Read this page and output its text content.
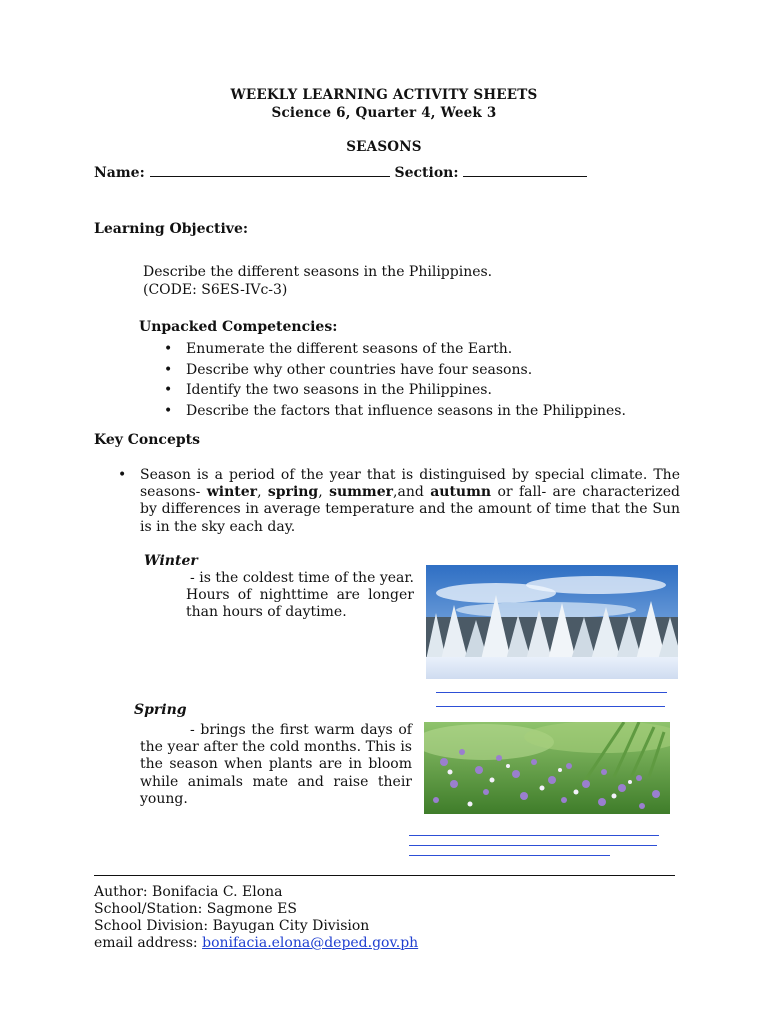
WEEKLY LEARNING ACTIVITY SHEETS
Science 6, Quarter 4, Week 3
SEASONS
Name:	Section:
Learning Objective:
Describe the different seasons in the Philippines.
(CODE: S6ES-IVc-3)
Unpacked Competencies:
• Enumerate the different seasons of the Earth.
• Describe why other countries have four seasons.
• Identify the two seasons in the Philippines.
• Describe the factors that influence seasons in the Philippines.
Key Concepts
• Season is a period of the year that is distinguised by special climate. The seasons- winter, spring, summer,and autumn or fall- are characterized by differences in average temperature and the amount of time that the Sun is in the sky each day.
Winter
- is the coldest time of the year. Hours of nighttime are longer than hours of daytime.
Spring
- brings the first warm days of the year after the cold months. This is the season when plants are in bloom while animals mate and raise their young.
Author: Bonifacia C. Elona
School/Station: Sagmone ES
School Division: Bayugan City Division
email address: bonifacia.elona@deped.gov.ph
